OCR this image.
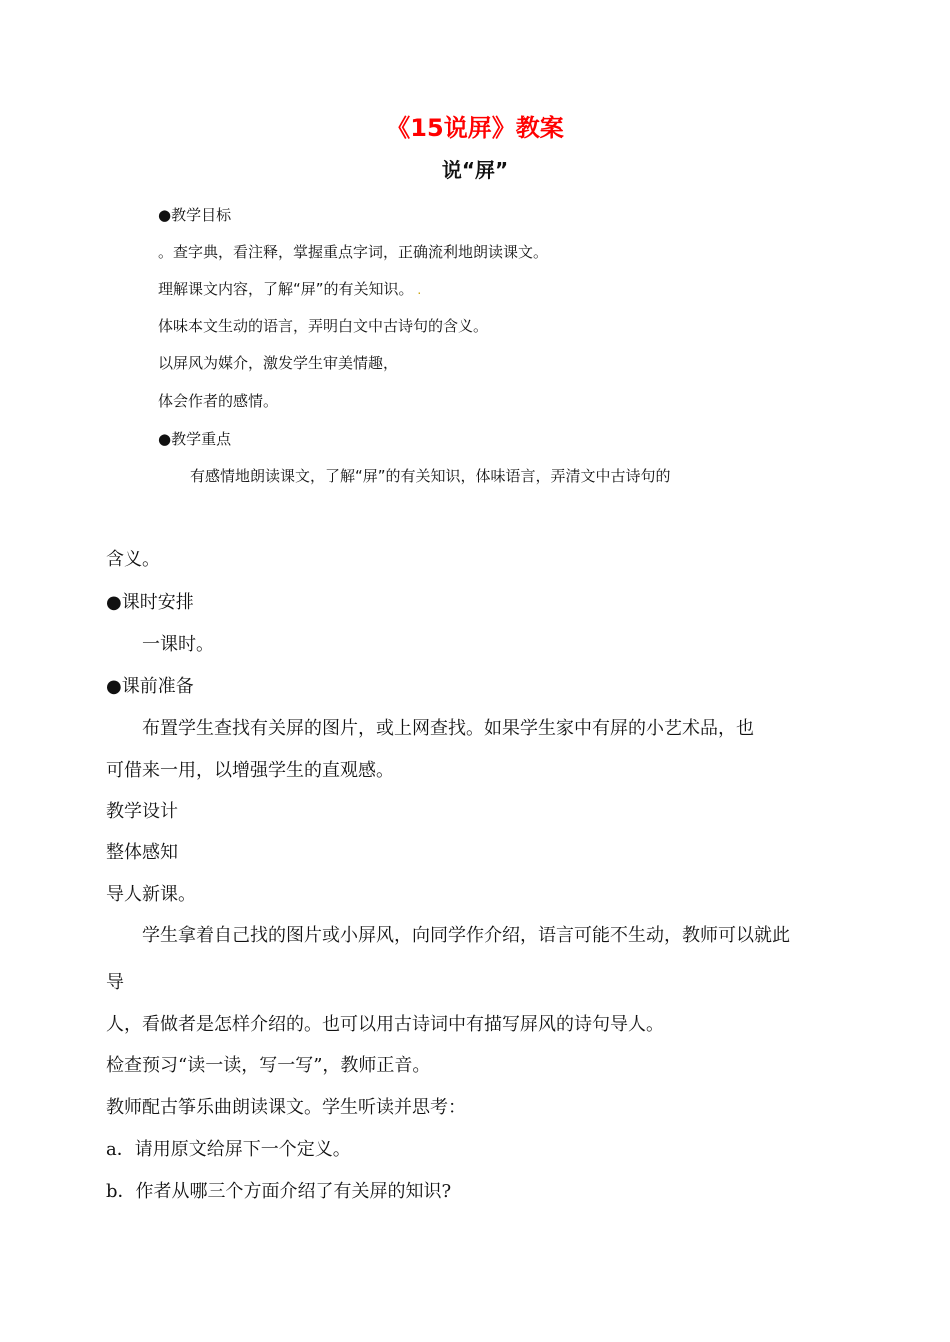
《15说屏》教案
说“屏”
●教学目标
。查字典，看注释，掌握重点字词，正确流利地朗读课文。
理解课文内容，了解“屏”的有关知识。 .
体味本文生动的语言，弄明白文中古诗句的含义。
以屏风为媒介，激发学生审美情趣，
体会作者的感情。
●教学重点
有感情地朗读课文，了解“屏”的有关知识，体味语言，弄清文中古诗句的
含义。
●课时安排
一课时。
●课前准备
布置学生查找有关屏的图片，或上网查找。如果学生家中有屏的小艺术品，也
可借来一用，以增强学生的直观感。
教学设计
整体感知
导人新课。
学生拿着自己找的图片或小屏风，向同学作介绍，语言可能不生动，教师可以就此
导
人，看做者是怎样介绍的。也可以用古诗词中有描写屏风的诗句导人。
检查预习“读一读，写一写”，教师正音。
教师配古筝乐曲朗读课文。学生听读并思考：
a．请用原文给屏下一个定义。
b．作者从哪三个方面介绍了有关屏的知识?
